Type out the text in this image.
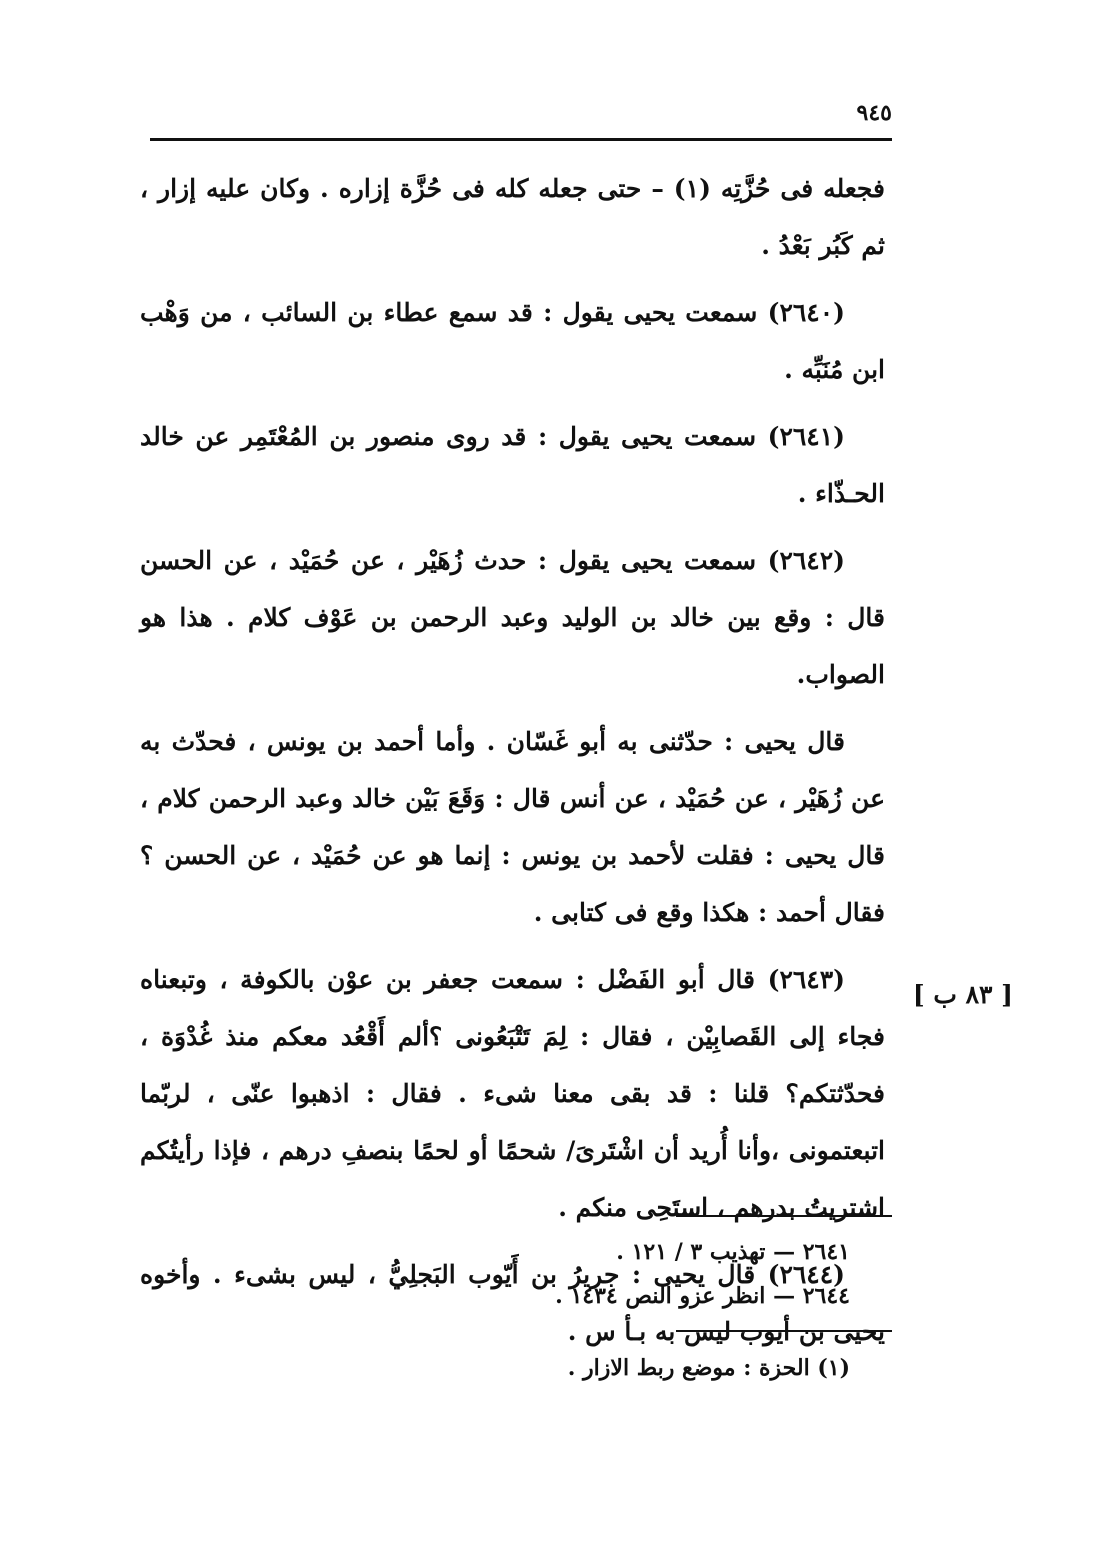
٩٤٥

فجعله فى حُزَّتِه (١) – حتى جعله كله فى حُزَّة إزاره . وكان عليه إزار ، ثم كَبُر بَعْدُ .

(٢٦٤٠) سمعت يحيى يقول : قد سمع عطاء بن السائب ، من وَهْب ابن مُنَبِّه .

(٢٦٤١) سمعت يحيى يقول : قد روى منصور بن المُعْتَمِر عن خالد الحـذّاء .

(٢٦٤٢) سمعت يحيى يقول : حدث زُهَيْر ، عن حُمَيْد ، عن الحسن قال : وقع بين خالد بن الوليد وعبد الرحمن بن عَوْف كلام . هذا هو الصواب.

قال يحيى : حدّثنى به أبو غَسّان . وأما أحمد بن يونس ، فحدّث به عن زُهَيْر ، عن حُمَيْد ، عن أنس قال : وَقَعَ بَيْن خالد وعبد الرحمن كلام ، قال يحيى : فقلت لأحمد بن يونس : إنما هو عن حُمَيْد ، عن الحسن ؟ فقال أحمد : هكذا وقع فى كتابى .

(٢٦٤٣) قال أبو الفَضْل : سمعت جعفر بن عوْن بالكوفة ، وتبعناه فجاء إلى القَصابِيْن ، فقال : لِمَ تَتْبَعُونى ؟ألم أَقْعُد معكم منذ غُدْوَة ، فحدّثتكم؟ قلنا : قد بقى معنا شىء . فقال : اذهبوا عنّى ، لربّما اتبعتمونى ،وأنا أُريد أن اشْتَرىَ/ شحمًا أو لحمًا بنصفِ درهم ، فإذا رأيتُكم اشتريتُ بدرهم ، استَحِى منكم .

(٢٦٤٤) قال يحيى : جريرُ بن أَيّوب البَجلِيُّ ، ليس بشىء . وأخوه يحيى بن أيوب ليس به بـأ س .

[ ٨٣ ب ]
٢٦٤١ — تهذيب ٣ / ١٢١ .
٢٦٤٤ — انظر عزو النص ١٤٣٤ .
(١) الحزة : موضع ربط الازار .
